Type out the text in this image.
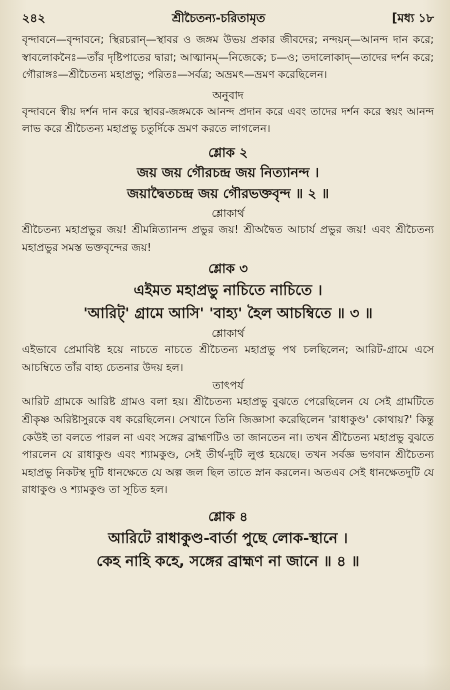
২৪২	শ্রীচৈতন্য-চরিতামৃত	[মধ্য ১৮

বৃন্দাবনে—বৃন্দাবনে; স্থিরচরান্—স্থাবর ও জঙ্গম উভয় প্রকার জীবদের; নন্দয়ন্—আনন্দ দান করে; স্বাবলোকনৈঃ—তাঁর দৃষ্টিপাতের দ্বারা; আত্মানম্—নিজেকে; চ—ও; তদালোকাদ্—তাদের দর্শন করে; গৌরাঙ্গঃ—শ্রীচৈতন্য মহাপ্রভু; পরিতঃ—সর্বত্র; অভ্রমৎ—ভ্রমণ করেছিলেন।

অনুবাদ

বৃন্দাবনে স্বীয় দর্শন দান করে স্থাবর-জঙ্গমকে আনন্দ প্রদান করে এবং তাদের দর্শন করে স্বয়ং আনন্দ লাভ করে শ্রীচৈতন্য মহাপ্রভু চতুর্দিকে ভ্রমণ করতে লাগলেন।

শ্লোক ২
জয় জয় গৌরচন্দ্র জয় নিত্যানন্দ ।
জয়াদ্বৈতচন্দ্র জয় গৌরভক্তবৃন্দ ॥ ২ ॥
শ্লোকার্থ

শ্রীচৈতন্য মহাপ্রভুর জয়! শ্রীমন্নিত্যানন্দ প্রভুর জয়! শ্রীঅদ্বৈত আচার্য প্রভুর জয়! এবং শ্রীচৈতন্য মহাপ্রভুর সমস্ত ভক্তবৃন্দের জয়!

শ্লোক ৩
এইমত মহাপ্রভু নাচিতে নাচিতে ।
'আরিট্' গ্রামে আসি' 'বাহ্য' হৈল আচম্বিতে ॥ ৩ ॥
শ্লোকার্থ

এইভাবে প্রেমাবিষ্ট হয়ে নাচতে নাচতে শ্রীচৈতন্য মহাপ্রভু পথ চলছিলেন; আরিট-গ্রামে এসে আচম্বিতে তাঁর বাহ্য চেতনার উদয় হল।

তাৎপর্য

আরিট গ্রামকে আরিষ্ট গ্রামও বলা হয়। শ্রীচৈতন্য মহাপ্রভু বুঝতে পেরেছিলেন যে সেই গ্রামটিতে শ্রীকৃষ্ণ অরিষ্টাসুরকে বধ করেছিলেন। সেখানে তিনি জিজ্ঞাসা করেছিলেন 'রাধাকুণ্ড' কোথায়?' কিন্তু কেউই তা বলতে পারল না এবং সঙ্গের ব্রাহ্মণটিও তা জানতেন না। তখন শ্রীচৈতন্য মহাপ্রভু বুঝতে পারলেন যে রাধাকুণ্ড এবং শ্যামকুণ্ড, সেই তীর্থ-দুটি লুপ্ত হয়েছে। তখন সর্বজ্ঞ ভগবান শ্রীচৈতন্য মহাপ্রভু নিকটস্থ দুটি ধানক্ষেতে যে অল্প জল ছিল তাতে স্নান করলেন। অতএব সেই ধানক্ষেতদুটি যে রাধাকুণ্ড ও শ্যামকুণ্ড তা সূচিত হল।

শ্লোক ৪
আরিটে রাধাকুণ্ড-বার্তা পুছে লোক-স্থানে ।
কেহ নাহি কহে, সঙ্গের ব্রাহ্মণ না জানে ॥ ৪ ॥
